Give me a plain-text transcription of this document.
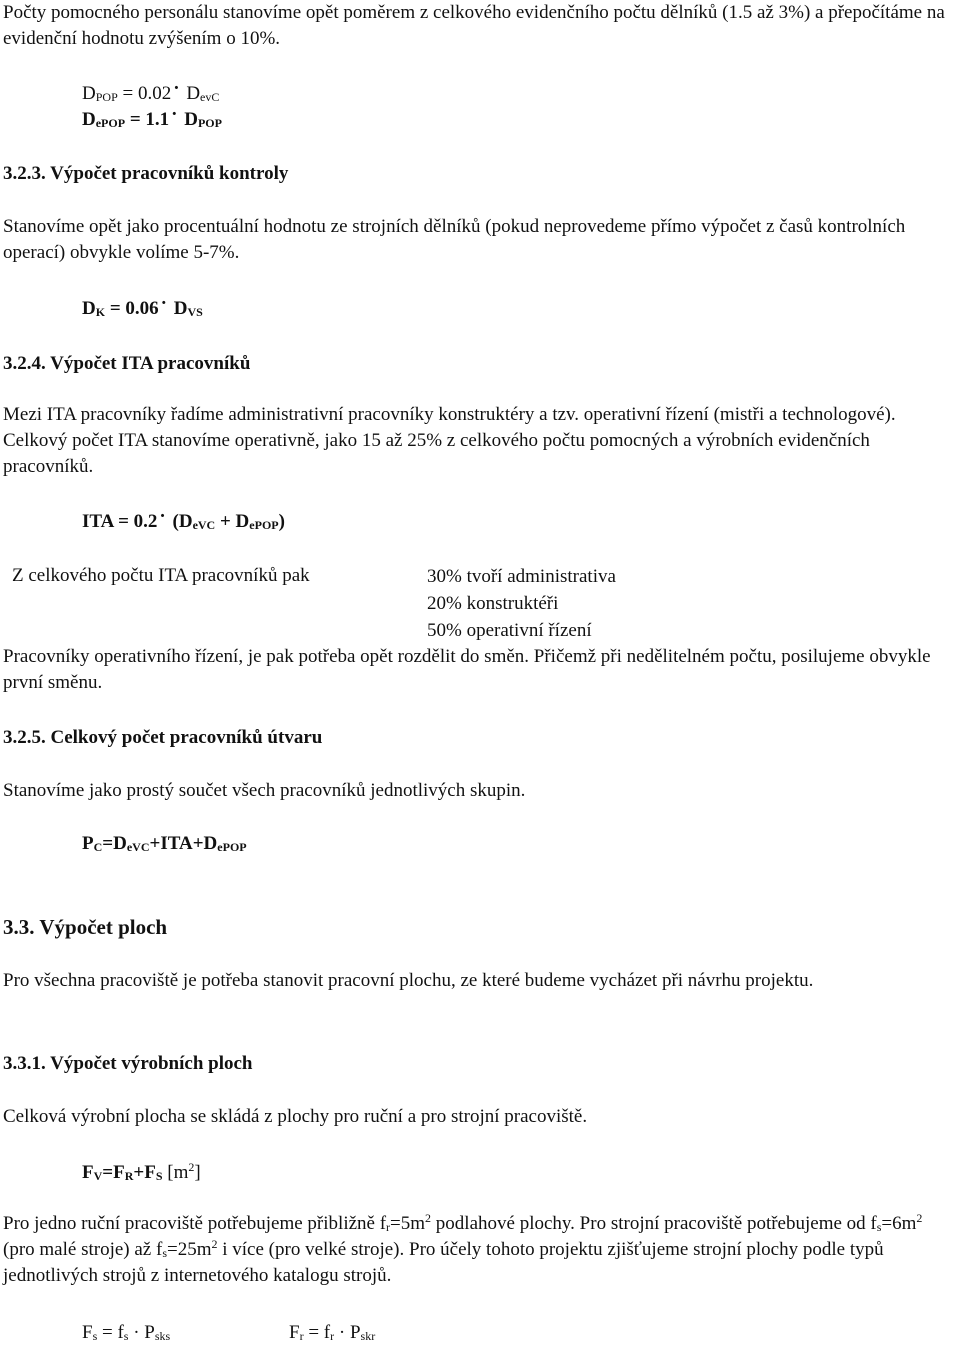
Počty pomocného personálu stanovíme opět poměrem z celkového evidenčního počtu dělníků (1.5 až 3%) a přepočítáme na evidenční hodnotu zvýšením o 10%.

DPOP = 0.02 · DevC
DePOP = 1.1 · DPOP
3.2.3. Výpočet pracovníků kontroly

Stanovíme opět jako procentuální hodnotu ze strojních dělníků (pokud neprovedeme přímo výpočet z časů kontrolních operací) obvykle volíme 5-7%.

DK = 0.06 · DVS
3.2.4. Výpočet ITA pracovníků

Mezi ITA pracovníky řadíme administrativní pracovníky konstruktéry a tzv. operativní řízení (mistři a technologové). Celkový počet ITA stanovíme operativně, jako 15 až 25% z celkového počtu pomocných a výrobních evidenčních pracovníků.

ITA = 0.2 · (DeVC + DePOP)
Z celkového počtu ITA pracovníků pak	30% tvoří administrativa
20% konstruktéři
50% operativní řízení

Pracovníky operativního řízení, je pak potřeba opět rozdělit do směn. Přičemž při nedělitelném počtu, posilujeme obvykle první směnu.

3.2.5. Celkový počet pracovníků útvaru

Stanovíme jako prostý součet všech pracovníků jednotlivých skupin.

PC=DeVC+ITA+DePOP
3.3. Výpočet ploch

Pro všechna pracoviště je potřeba stanovit pracovní plochu, ze které budeme vycházet při návrhu projektu.

3.3.1. Výpočet výrobních ploch

Celková výrobní plocha se skládá z plochy pro ruční a pro strojní pracoviště.

FV=FR+FS $[m^2]$

Pro jedno ruční pracoviště potřebujeme přibližně $fr=5m^2$ podlahové plochy. Pro strojní pracoviště potřebujeme od $fs=6m^2$ (pro malé stroje) až $fs=25m^2$ i více (pro velké stroje). Pro účely tohoto projektu zjišťujeme strojní plochy podle typů jednotlivých strojů z internetového katalogu strojů.

Fs = fs · Psks	Fr = fr · Pskr
